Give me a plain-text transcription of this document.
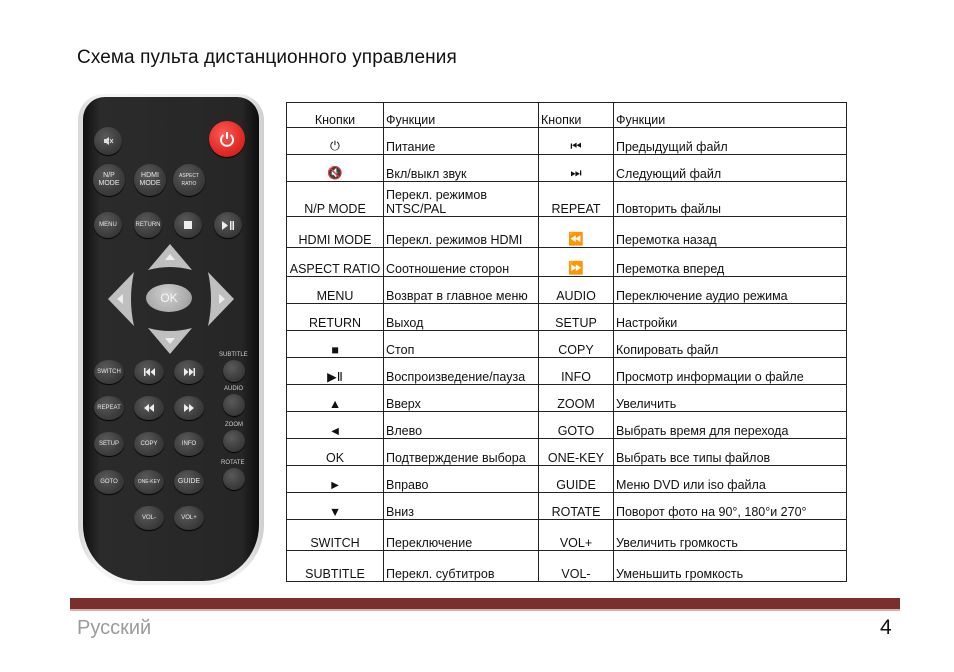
Схема пульта дистанционного управления
N/P
MODE
HDMI
MODE
ASPECT
RATIO
MENU	RETURN
OK
SUBTITLE
SWITCH
AUDIO
REPEAT
ZOOM
SETUP	COPY	INFO
ROTATE
GOTO	ONE-KEY	GUIDE
VOL-	VOL+
Кнопки	Функции	Кнопки	Функции
⏻	Питание	⏮	Предыдущий файл
🔇	Вкл/выкл звук	⏭	Следующий файл
N/P MODE	Перекл. режимов NTSC/PAL	REPEAT	Повторить файлы
HDMI MODE	Перекл. режимов HDMI	⏪	Перемотка назад
ASPECT RATIO	Соотношение сторон	⏩	Перемотка вперед
MENU	Возврат в главное меню	AUDIO	Переключение аудио режима
RETURN	Выход	SETUP	Настройки
■	Стоп	COPY	Копировать файл
▶Ⅱ	Воспроизведение/пауза	INFO	Просмотр информации о файле
▲	Вверх	ZOOM	Увеличить
◄	Влево	GOTO	Выбрать время для перехода
OK	Подтверждение выбора	ONE-KEY	Выбрать все типы файлов
►	Вправо	GUIDE	Меню DVD или iso файла
▼	Вниз	ROTATE	Поворот фото на 90°, 180°и 270°
SWITCH	Переключение	VOL+	Увеличить громкость
SUBTITLE	Перекл. субтитров	VOL-	Уменьшить громкость
Русский	4
